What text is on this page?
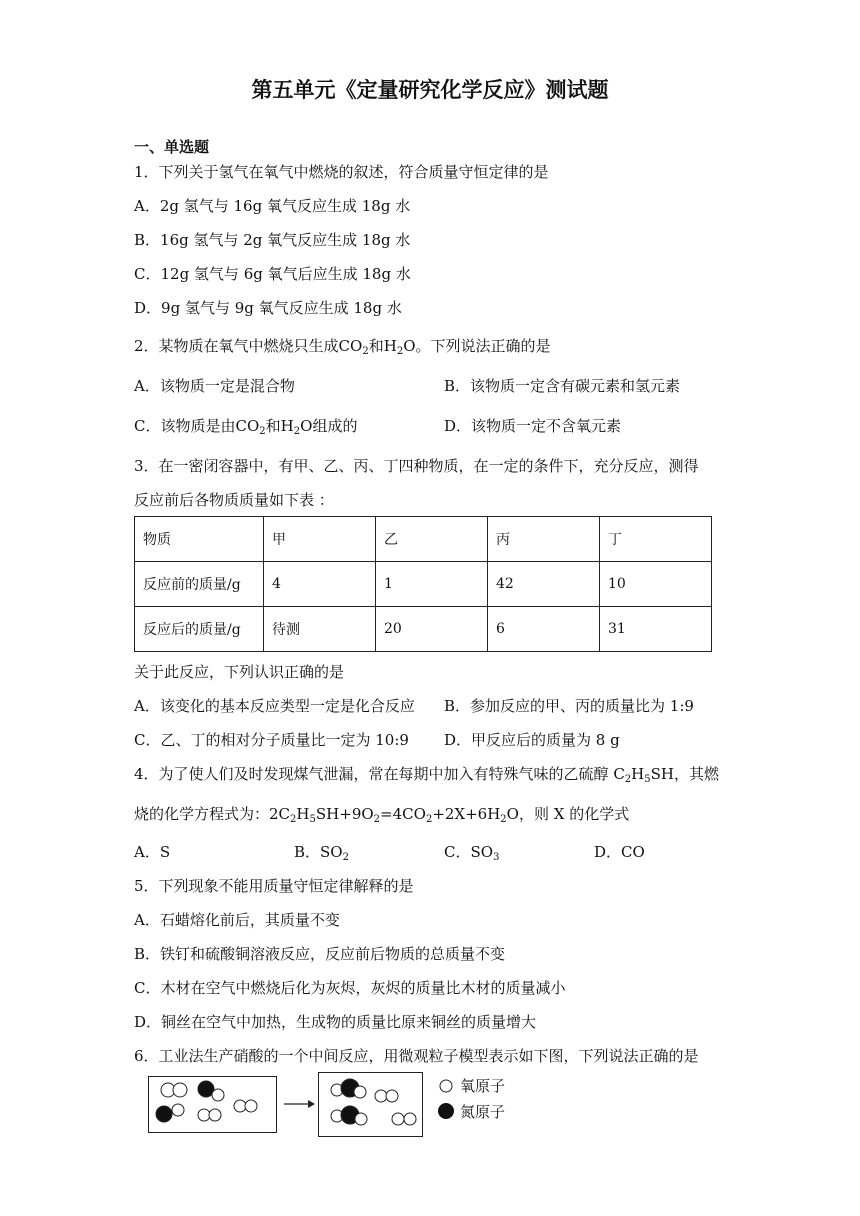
第五单元《定量研究化学反应》测试题
一、单选题
1．下列关于氢气在氧气中燃烧的叙述，符合质量守恒定律的是
A．2g 氢气与 16g 氧气反应生成 18g 水
B．16g 氢气与 2g 氧气反应生成 18g 水
C．12g 氢气与 6g 氧气后应生成 18g 水
D．9g 氢气与 9g 氧气反应生成 18g 水
2．某物质在氧气中燃烧只生成$CO_2$和$H_2O$。下列说法正确的是
A．该物质一定是混合物	B．该物质一定含有碳元素和氢元素
C．该物质是由$CO_2$和$H_2O$组成的	D．该物质一定不含氧元素
3．在一密闭容器中，有甲、乙、丙、丁四种物质，在一定的条件下，充分反应，测得
反应前后各物质质量如下表 ：
物质	甲	乙	丙	丁
反应前的质量/g	4	1	42	10
反应后的质量/g	待测	20	6	31
关于此反应，下列认识正确的是
A．该变化的基本反应类型一定是化合反应 B．参加反应的甲、丙的质量比为 1:9
C．乙、丁的相对分子质量比一定为 10:9 D．甲反应后的质量为 8 g
4．为了使人们及时发现煤气泄漏，常在每期中加入有特殊气味的乙硫醇 $C_2H_5SH$，其燃
烧的化学方程式为：$2C_2H_5SH+9O_2=4CO_2+2X+6H_2O$，则 X 的化学式
A．S	B．$SO_2$	C．$SO_3$	D．CO
5．下列现象不能用质量守恒定律解释的是
A．石蜡熔化前后，其质量不变
B．铁钉和硫酸铜溶液反应，反应前后物质的总质量不变
C．木材在空气中燃烧后化为灰烬，灰烬的质量比木材的质量减小
D．铜丝在空气中加热，生成物的质量比原来铜丝的质量增大
6．工业法生产硝酸的一个中间反应，用微观粒子模型表示如下图，下列说法正确的是
氧原子
氮原子
